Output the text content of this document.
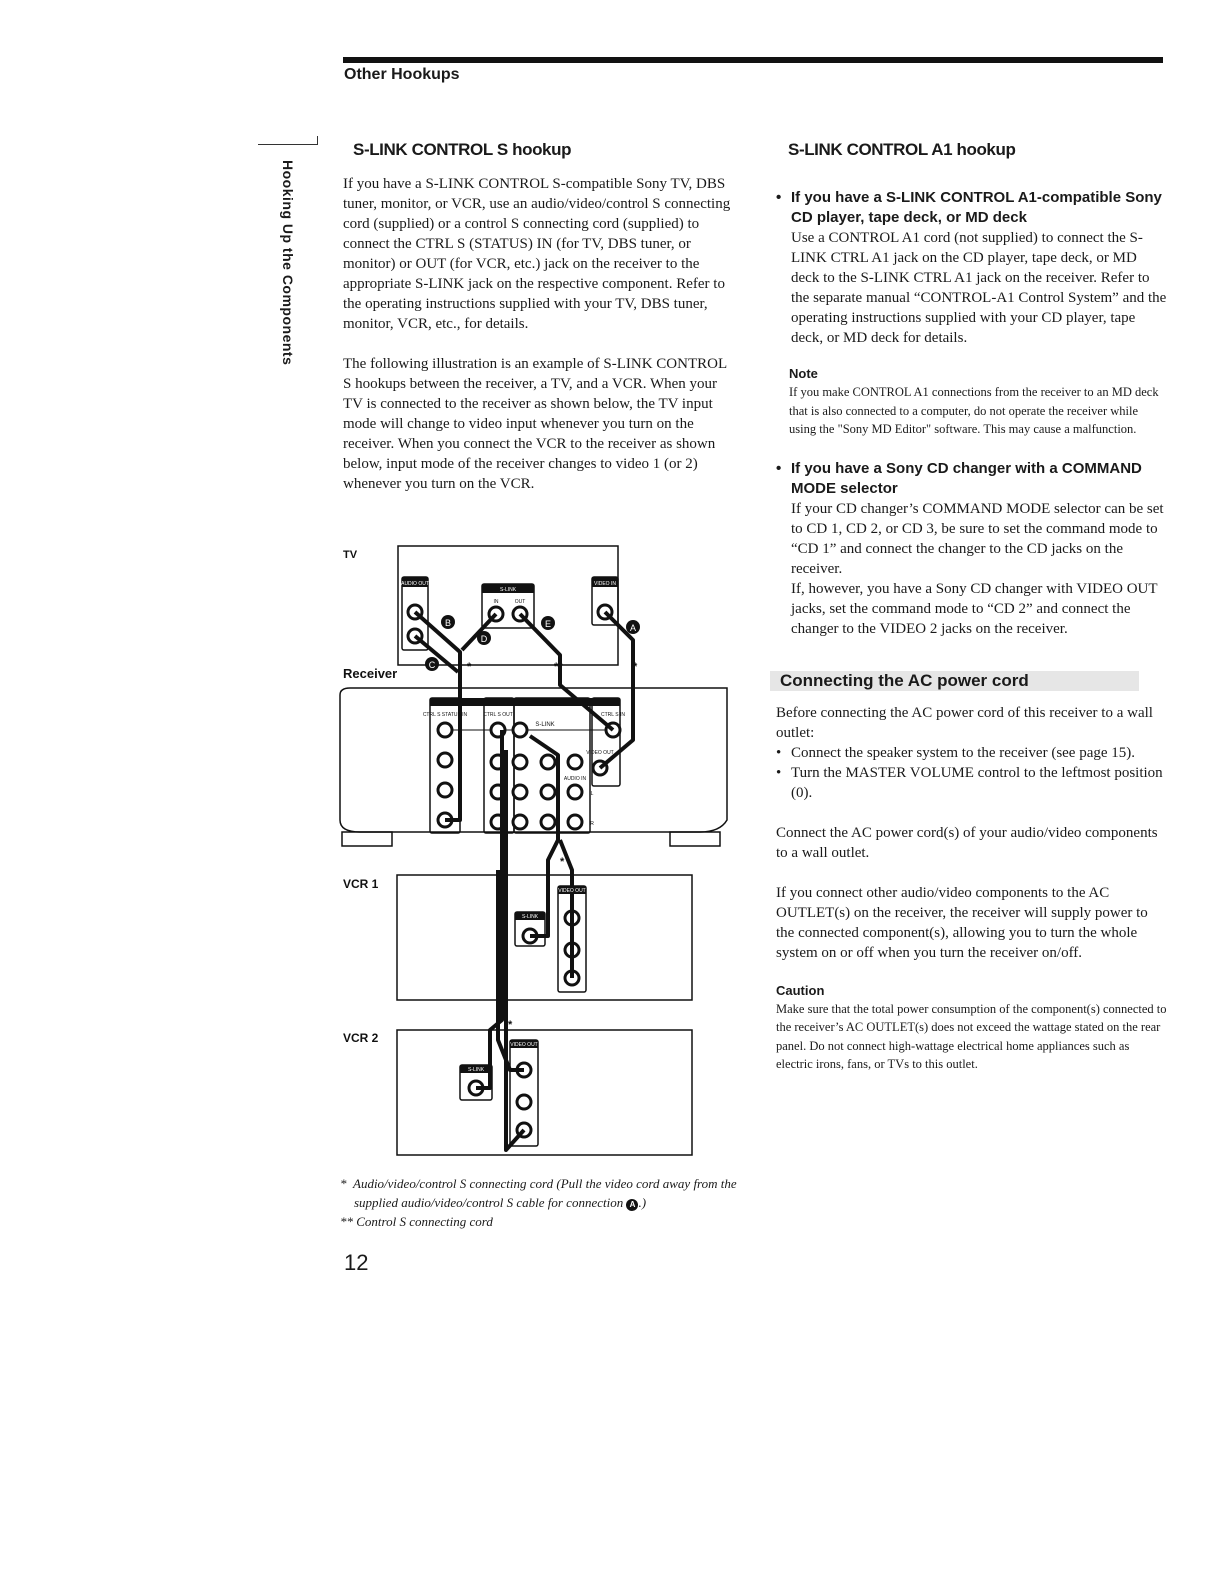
Other Hookups
Hooking Up the Components
S-LINK CONTROL S hookup

If you have a S-LINK CONTROL S-compatible Sony TV, DBS tuner, monitor, or VCR, use an audio/video/control S connecting cord (supplied) or a control S connecting cord (supplied) to connect the CTRL S (STATUS) IN (for TV, DBS tuner, or monitor) or OUT (for VCR, etc.) jack on the receiver to the appropriate S-LINK jack on the respective component. Refer to the operating instructions supplied with your TV, DBS tuner, monitor, VCR, etc., for details.

The following illustration is an example of S-LINK CONTROL S hookups between the receiver, a TV, and a VCR. When your TV is connected to the receiver as shown below, the TV input mode will change to video input whenever you turn on the receiver. When you connect the VCR to the receiver as shown below, input mode of the receiver changes to video 1 (or 2) whenever you turn on the VCR.

TV
Receiver
VCR 1
VCR 2
*	**	*
*
*
B
D
E	A
C
AUDIO OUT
S-LINK
VIDEO IN
S-LINK
VIDEO OUT
S-LINK
VIDEO OUT
IN	OUT
CTRL S STATUS IN	CTRL S OUT	CTRL S IN
S-LINK
AUDIO IN
VIDEO OUT
L
R
* Audio/video/control S connecting cord (Pull the video cord away from the supplied audio/video/control S cable for connection A .)
** Control S connecting cord
12
S-LINK CONTROL A1 hookup
• If you have a S-LINK CONTROL A1-compatible Sony CD player, tape deck, or MD deck

Use a CONTROL A1 cord (not supplied) to connect the S-LINK CTRL A1 jack on the CD player, tape deck, or MD deck to the S-LINK CTRL A1 jack on the receiver. Refer to the separate manual “CONTROL-A1 Control System” and the operating instructions supplied with your CD player, tape deck, or MD deck for details.

Note

If you make CONTROL A1 connections from the receiver to an MD deck that is also connected to a computer, do not operate the receiver while using the "Sony MD Editor" software. This may cause a malfunction.

• If you have a Sony CD changer with a COMMAND MODE selector
If your CD changer’s COMMAND MODE selector can be set to CD 1, CD 2, or CD 3, be sure to set the command mode to “CD 1” and connect the changer to the CD jacks on the receiver.

If, however, you have a Sony CD changer with VIDEO OUT jacks, set the command mode to “CD 2” and connect the changer to the VIDEO 2 jacks on the receiver.

Connecting the AC power cord
Before connecting the AC power cord of this receiver to a wall outlet:
• Connect the speaker system to the receiver (see page 15).

• Turn the MASTER VOLUME control to the leftmost position (0).

Connect the AC power cord(s) of your audio/video components to a wall outlet.

If you connect other audio/video components to the AC OUTLET(s) on the receiver, the receiver will supply power to the connected component(s), allowing you to turn the whole system on or off when you turn the receiver on/off.

Caution
Make sure that the total power consumption of the component(s) connected to the receiver’s AC OUTLET(s) does not exceed the wattage stated on the rear panel. Do not connect high-wattage electrical home appliances such as electric irons, fans, or TVs to this outlet.
